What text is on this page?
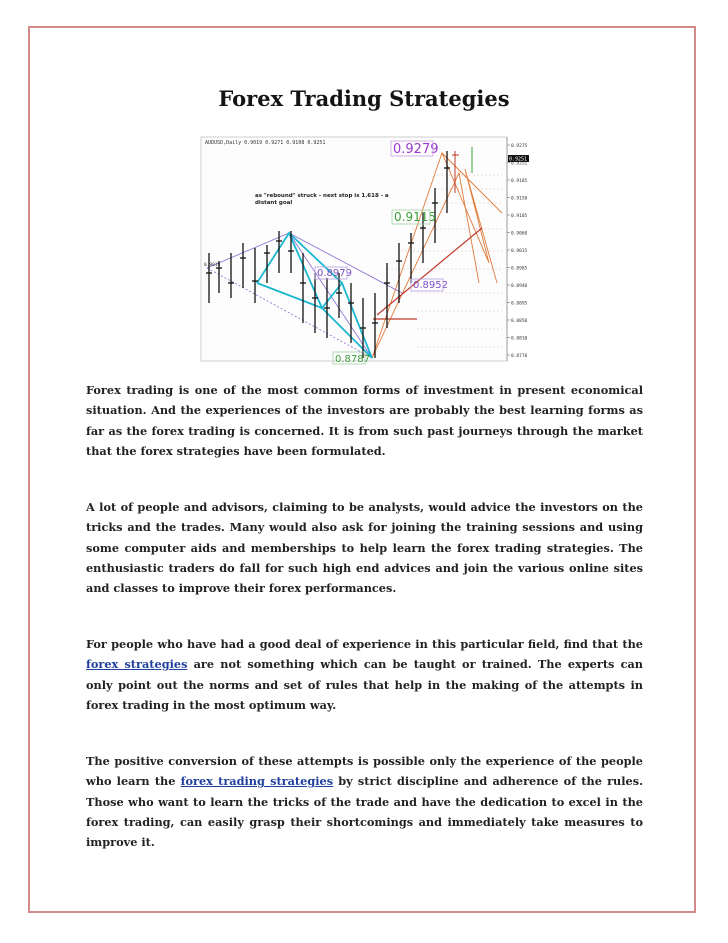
Forex Trading Strategies
AUDUSD,Daily 0.9019 0.9271 0.9108 0.9251
as "rebound" struck - next stop is 1.618 - a distant goal
0.9279
0.9115
0.8979
0.8952
0.8787
0.9019
0.9251
0.9275
0.9251
0.9185
0.9150
0.9105
0.9060
0.9015
0.8985
0.8940
0.8895
0.8850
0.8810
0.8770

Forex trading is one of the most common forms of investment in present economical situation. And the experiences of the investors are probably the best learning forms as far as the forex trading is concerned. It is from such past journeys through the market that the forex strategies have been formulated.

A lot of people and advisors, claiming to be analysts, would advice the investors on the tricks and the trades. Many would also ask for joining the training sessions and using some computer aids and memberships to help learn the forex trading strategies. The enthusiastic traders do fall for such high end advices and join the various online sites and classes to improve their forex performances.

For people who have had a good deal of experience in this particular field, find that the forex strategies are not something which can be taught or trained. The experts can only point out the norms and set of rules that help in the making of the attempts in forex trading in the most optimum way.

The positive conversion of these attempts is possible only the experience of the people who learn the forex trading strategies by strict discipline and adherence of the rules. Those who want to learn the tricks of the trade and have the dedication to excel in the forex trading, can easily grasp their shortcomings and immediately take measures to improve it.
